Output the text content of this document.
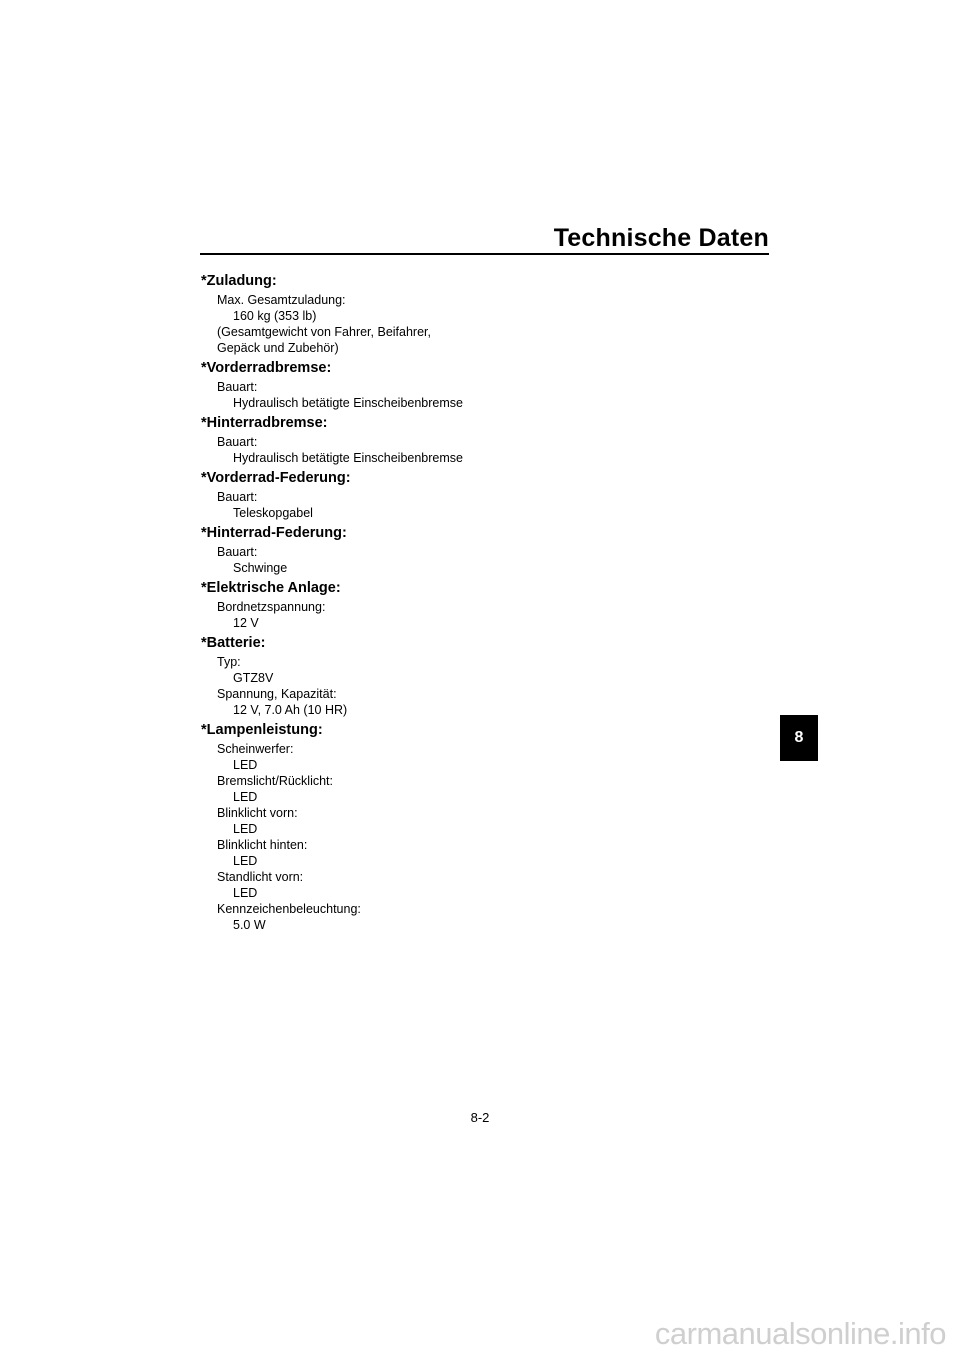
Technische Daten
*Zuladung:
Max. Gesamtzuladung:
160 kg (353 lb)
(Gesamtgewicht von Fahrer, Beifahrer,
Gepäck und Zubehör)
*Vorderradbremse:
Bauart:
Hydraulisch betätigte Einscheibenbremse
*Hinterradbremse:
Bauart:
Hydraulisch betätigte Einscheibenbremse
*Vorderrad-Federung:
Bauart:
Teleskopgabel
*Hinterrad-Federung:
Bauart:
Schwinge
*Elektrische Anlage:
Bordnetzspannung:
12 V
*Batterie:
Typ:
GTZ8V
Spannung, Kapazität:
12 V, 7.0 Ah (10 HR)
*Lampenleistung:
Scheinwerfer:
LED
Bremslicht/Rücklicht:
LED
Blinklicht vorn:
LED
Blinklicht hinten:
LED
Standlicht vorn:
LED
Kennzeichenbeleuchtung:
5.0 W
8
8-2
carmanualsonline.info
